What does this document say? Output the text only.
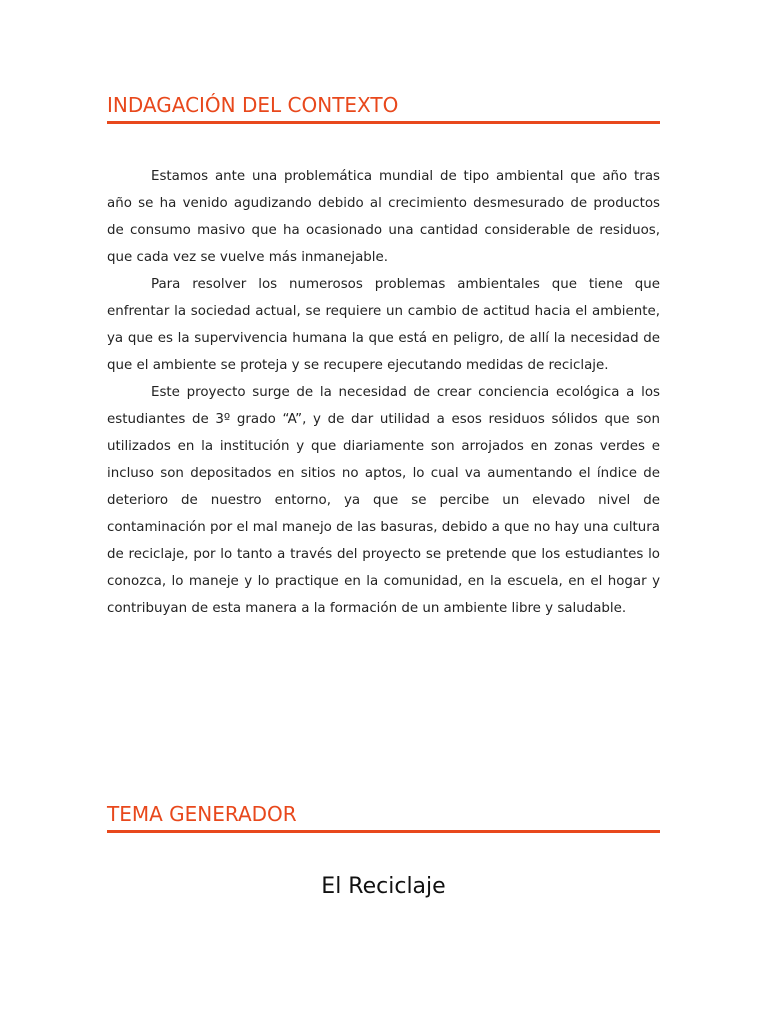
INDAGACIÓN DEL CONTEXTO

Estamos ante una problemática mundial de tipo ambiental que año tras año se ha venido agudizando debido al crecimiento desmesurado de productos de consumo masivo que ha ocasionado una cantidad considerable de residuos, que cada vez se vuelve más inmanejable.

Para resolver los numerosos problemas ambientales que tiene que enfrentar la sociedad actual, se requiere un cambio de actitud hacia el ambiente, ya que es la supervivencia humana la que está en peligro, de allí la necesidad de que el ambiente se proteja y se recupere ejecutando medidas de reciclaje.

Este proyecto surge de la necesidad de crear conciencia ecológica a los estudiantes de 3º grado “A”, y de dar utilidad a esos residuos sólidos que son utilizados en la institución y que diariamente son arrojados en zonas verdes e incluso son depositados en sitios no aptos, lo cual va aumentando el índice de deterioro de nuestro entorno, ya que se percibe un elevado nivel de contaminación por el mal manejo de las basuras, debido a que no hay una cultura de reciclaje, por lo tanto a través del proyecto se pretende que los estudiantes lo conozca, lo maneje y lo practique en la comunidad, en la escuela, en el hogar y contribuyan de esta manera a la formación de un ambiente libre y saludable.

TEMA GENERADOR
El Reciclaje
